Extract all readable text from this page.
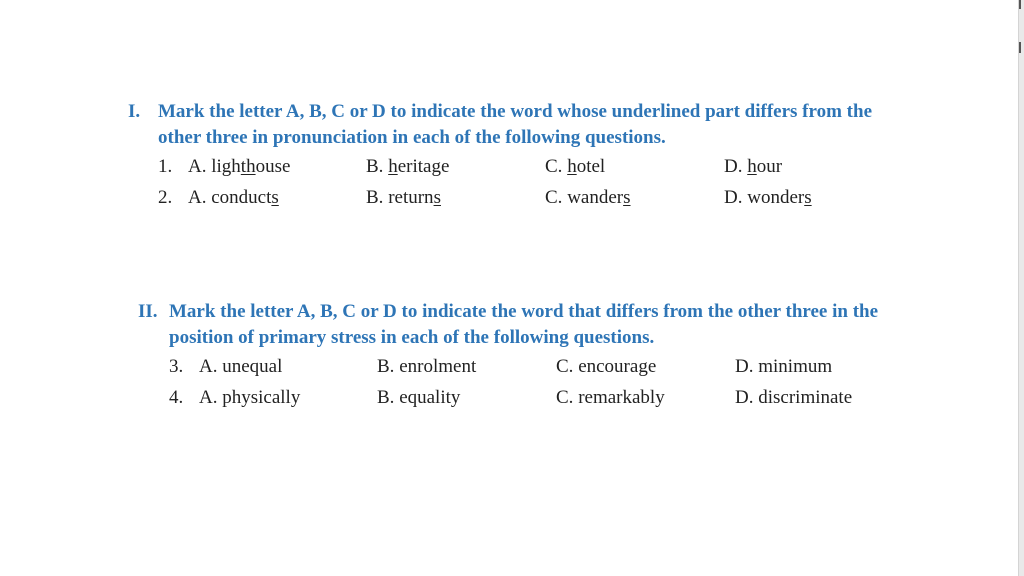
I. Mark the letter A, B, C or D to indicate the word whose underlined part differs from the
other three in pronunciation in each of the following questions.
1. A. lighthouse	B. heritage	C. hotel	D. hour
2. A. conducts	B. returns	C. wanders	D. wonders
II. Mark the letter A, B, C or D to indicate the word that differs from the other three in the
position of primary stress in each of the following questions.
3. A. unequal	B. enrolment	C. encourage	D. minimum
4. A. physically	B. equality	C. remarkably	D. discriminate
